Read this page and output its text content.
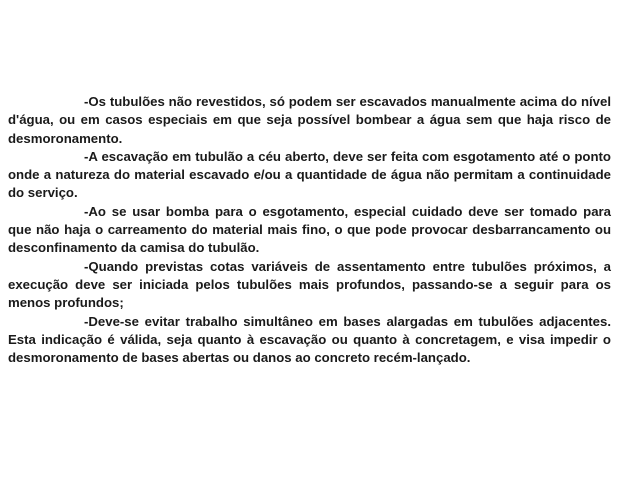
-Os tubulões não revestidos, só podem ser escavados manualmente acima do nível d'água, ou em casos especiais em que seja possível bombear a água sem que haja risco de desmoronamento.

-A escavação em tubulão a céu aberto, deve ser feita com esgotamento até o ponto onde a natureza do material escavado e/ou a quantidade de água não permitam a continuidade do serviço.

-Ao se usar bomba para o esgotamento, especial cuidado deve ser tomado para que não haja o carreamento do material mais fino, o que pode provocar desbarrancamento ou desconfinamento da camisa do tubulão.

-Quando previstas cotas variáveis de assentamento entre tubulões próximos, a execução deve ser iniciada pelos tubulões mais profundos, passando-se a seguir para os menos profundos;

-Deve-se evitar trabalho simultâneo em bases alargadas em tubulões adjacentes. Esta indicação é válida, seja quanto à escavação ou quanto à concretagem, e visa impedir o desmoronamento de bases abertas ou danos ao concreto recém-lançado.
